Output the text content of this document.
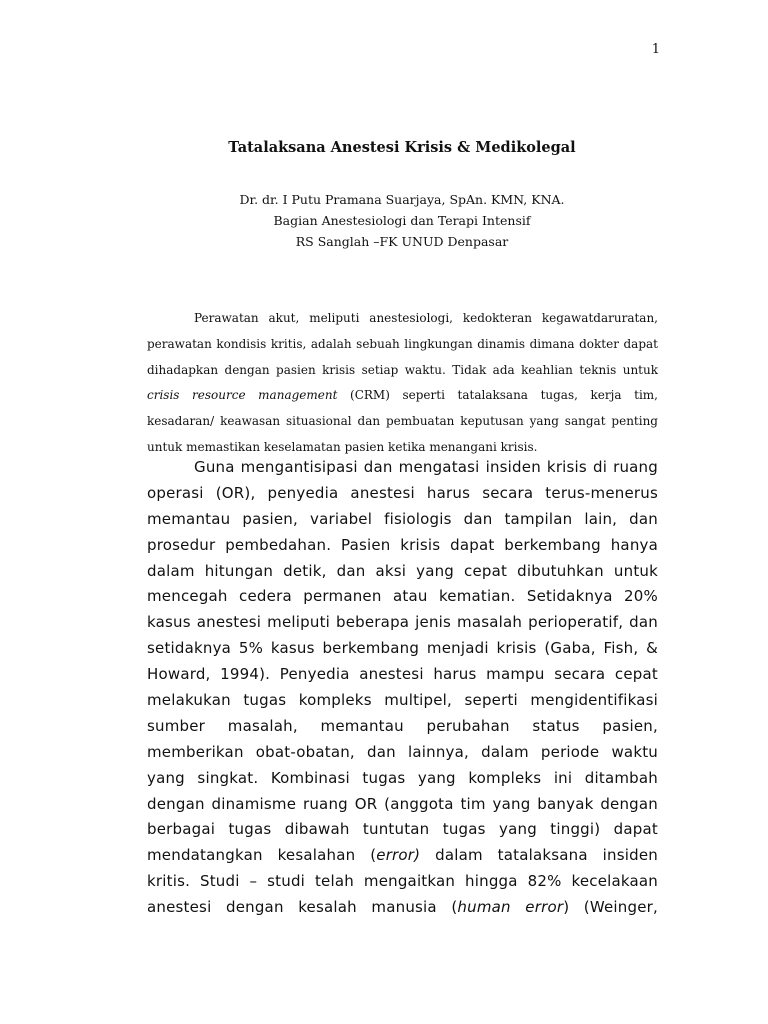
1
Tatalaksana Anestesi Krisis & Medikolegal
Dr. dr. I Putu Pramana Suarjaya, SpAn. KMN, KNA.
Bagian Anestesiologi dan Terapi Intensif
RS Sanglah –FK UNUD Denpasar
Perawatan akut, meliputi anestesiologi, kedokteran kegawatdaruratan,
perawatan kondisis kritis, adalah sebuah lingkungan dinamis dimana dokter dapat
dihadapkan dengan pasien krisis setiap waktu. Tidak ada keahlian teknis untuk
crisis resource management (CRM) seperti tatalaksana tugas, kerja tim,
kesadaran/ keawasan situasional dan pembuatan keputusan yang sangat penting
untuk memastikan keselamatan pasien ketika menangani krisis.
Guna mengantisipasi dan mengatasi insiden krisis di ruang
operasi (OR), penyedia anestesi harus secara terus-menerus
memantau pasien, variabel fisiologis dan tampilan lain, dan
prosedur pembedahan. Pasien krisis dapat berkembang hanya
dalam hitungan detik, dan aksi yang cepat dibutuhkan untuk
mencegah cedera permanen atau kematian. Setidaknya 20%
kasus anestesi meliputi beberapa jenis masalah perioperatif, dan
setidaknya 5% kasus berkembang menjadi krisis (Gaba, Fish, &
Howard, 1994). Penyedia anestesi harus mampu secara cepat
melakukan tugas kompleks multipel, seperti mengidentifikasi
sumber masalah, memantau perubahan status pasien,
memberikan obat-obatan, dan lainnya, dalam periode waktu
yang singkat. Kombinasi tugas yang kompleks ini ditambah
dengan dinamisme ruang OR (anggota tim yang banyak dengan
berbagai tugas dibawah tuntutan tugas yang tinggi) dapat
mendatangkan kesalahan (error) dalam tatalaksana insiden
kritis. Studi – studi telah mengaitkan hingga 82% kecelakaan
anestesi dengan kesalah manusia (human error) (Weinger,
